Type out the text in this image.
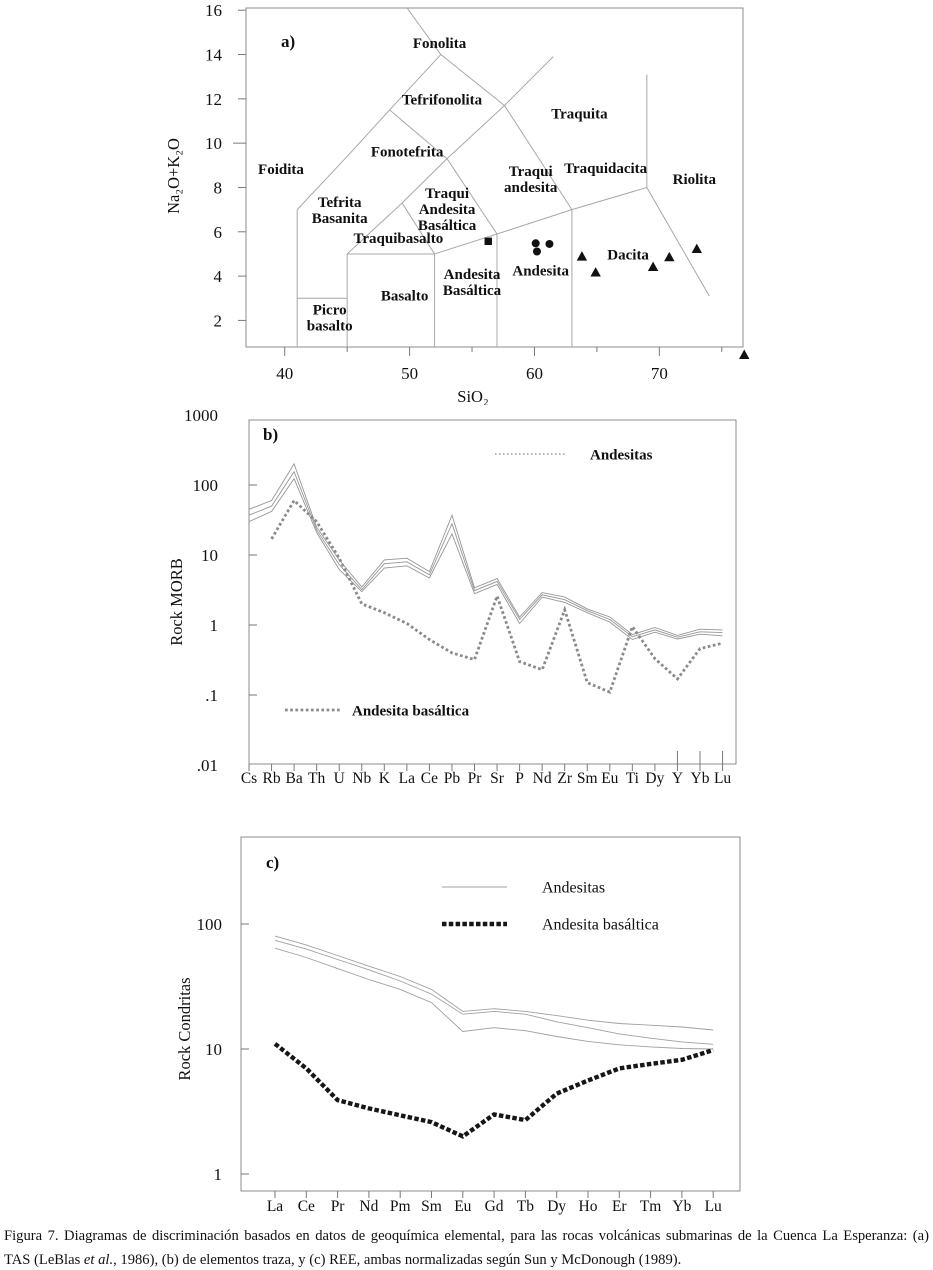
40	50	60	70
2
4
6
8
10
12
14
16
a)
SiO₂
Na₂O+K₂O
Fonolita
Tefrifonolita
Traquita
Fonotefrita
Foidita	Traqui
andesita
Traquidacita
Riolita
Tefrita
Basanita
Traqui
Andesita
Basáltica
Traquibasalto
Basalto
Andesita
Basáltica
Andesita
Dacita
Picro
basalto
1000
100
10
1
.1
.01
Cs Rb Ba Th U Nb K La Ce Pb Pr Sr P Nd Zr Sm Eu Ti Dy Y Yb Lu
b)
Rock MORB
Andesitas
Andesita basáltica
100
10
1
La Ce Pr Nd Pm Sm Eu Gd Tb Dy Ho Er Tm Yb Lu
c)
Rock Condritas
Andesitas
Andesita basáltica
Figura 7. Diagramas de discriminación basados en datos de geoquímica elemental, para las rocas volcánicas submarinas de la Cuenca La Esperanza: (a)
TAS (LeBlas et al., 1986), (b) de elementos traza, y (c) REE, ambas normalizadas según Sun y McDonough (1989).
